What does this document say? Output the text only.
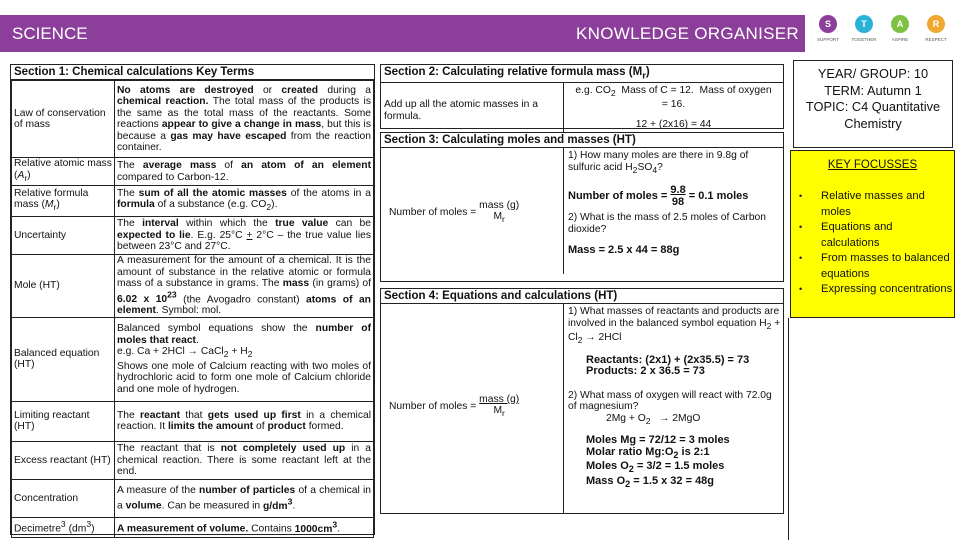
SCIENCE	KNOWLEDGE ORGANISER	S
SUPPORT
T
TOGETHER
A
ASPIRE
R
RESPECT
Section 1: Chemical calculations Key Terms
Law of conservation of mass	No atoms are destroyed or created during a chemical reaction. The total mass of the products is the same as the total mass of the reactants. Some reactions appear to give a change in mass, but this is because a gas may have escaped from the reaction container.
Relative atomic mass $(A_r)$	The average mass of an atom of an element compared to Carbon-12.
Relative formula mass $(M_r)$	The sum of all the atomic masses of the atoms in a formula of a substance (e.g. $CO_2$).
Uncertainty	The interval within which the true value can be expected to lie. E.g. 25°C + 2°C – the true value lies between 23°C and 27°C.
Mole (HT)	A measurement for the amount of a chemical. It is the amount of substance in the relative atomic or formula mass of a substance in grams. The mass (in grams) of 6.02 x $10^{23}$ (the Avogadro constant) atoms of an element. Symbol: mol.
Balanced equation (HT)	Balanced symbol equations show the number of moles that react.
e.g. Ca + 2HCl → CaCl$_2$ + $H_2$
Shows one mole of Calcium reacting with two moles of hydrochloric acid to form one mole of Calcium chloride and one mole of hydrogen.
Limiting reactant (HT)	The reactant that gets used up first in a chemical reaction. It limits the amount of product formed.
Excess reactant (HT)	The reactant that is not completely used up in a chemical reaction. There is some reactant left at the end.
Concentration	A measure of the number of particles of a chemical in a volume. Can be measured in $g/dm^3$.
Decimetre$^3$ $(dm^3)$	A measurement of volume. Contains $1000cm^3$.
Section 2: Calculating relative formula mass $(M_r)$
Add up all the atomic masses in a formula.
e.g. $CO_2$  Mass of C = 12.  Mass of oxygen
= 16.
12 + (2x16) = 44
Section 3: Calculating moles and masses (HT)
Number of moles =
mass (g)
$M_r$
1) How many moles are there in 9.8g of sulfuric acid $H_2SO_4$?
Number of moles = $\frac{9.8}{98} = 0.1$ moles
2) What is the mass of 2.5 moles of Carbon dioxide?
Mass = 2.5 x 44 = 88g
Section 4: Equations and calculations (HT)
Number of moles = $\frac{\text{mass (g)}}{M_r}$
1) What masses of reactants and products are involved in the balanced symbol equation $H_2 + Cl_2 \to 2HCl$
Reactants: (2x1) + (2x35.5) = 73
Products: 2 x 36.5 = 73
2) What mass of oxygen will react with 72.0g of magnesium?
$2Mg + O_2 \to 2MgO$
Moles Mg = 72/12 = 3 moles
Molar ratio $Mg:O_2$ is 2:1
Moles $O_2 = 3/2 = 1.5$ moles
Mass $O_2 = 1.5$ x 32 = 48g
YEAR/ GROUP: 10
TERM: Autumn 1
TOPIC: C4 Quantitative Chemistry
KEY FOCUSSES
• Relative masses and moles
• Equations and calculations
• From masses to balanced equations
• Expressing concentrations
